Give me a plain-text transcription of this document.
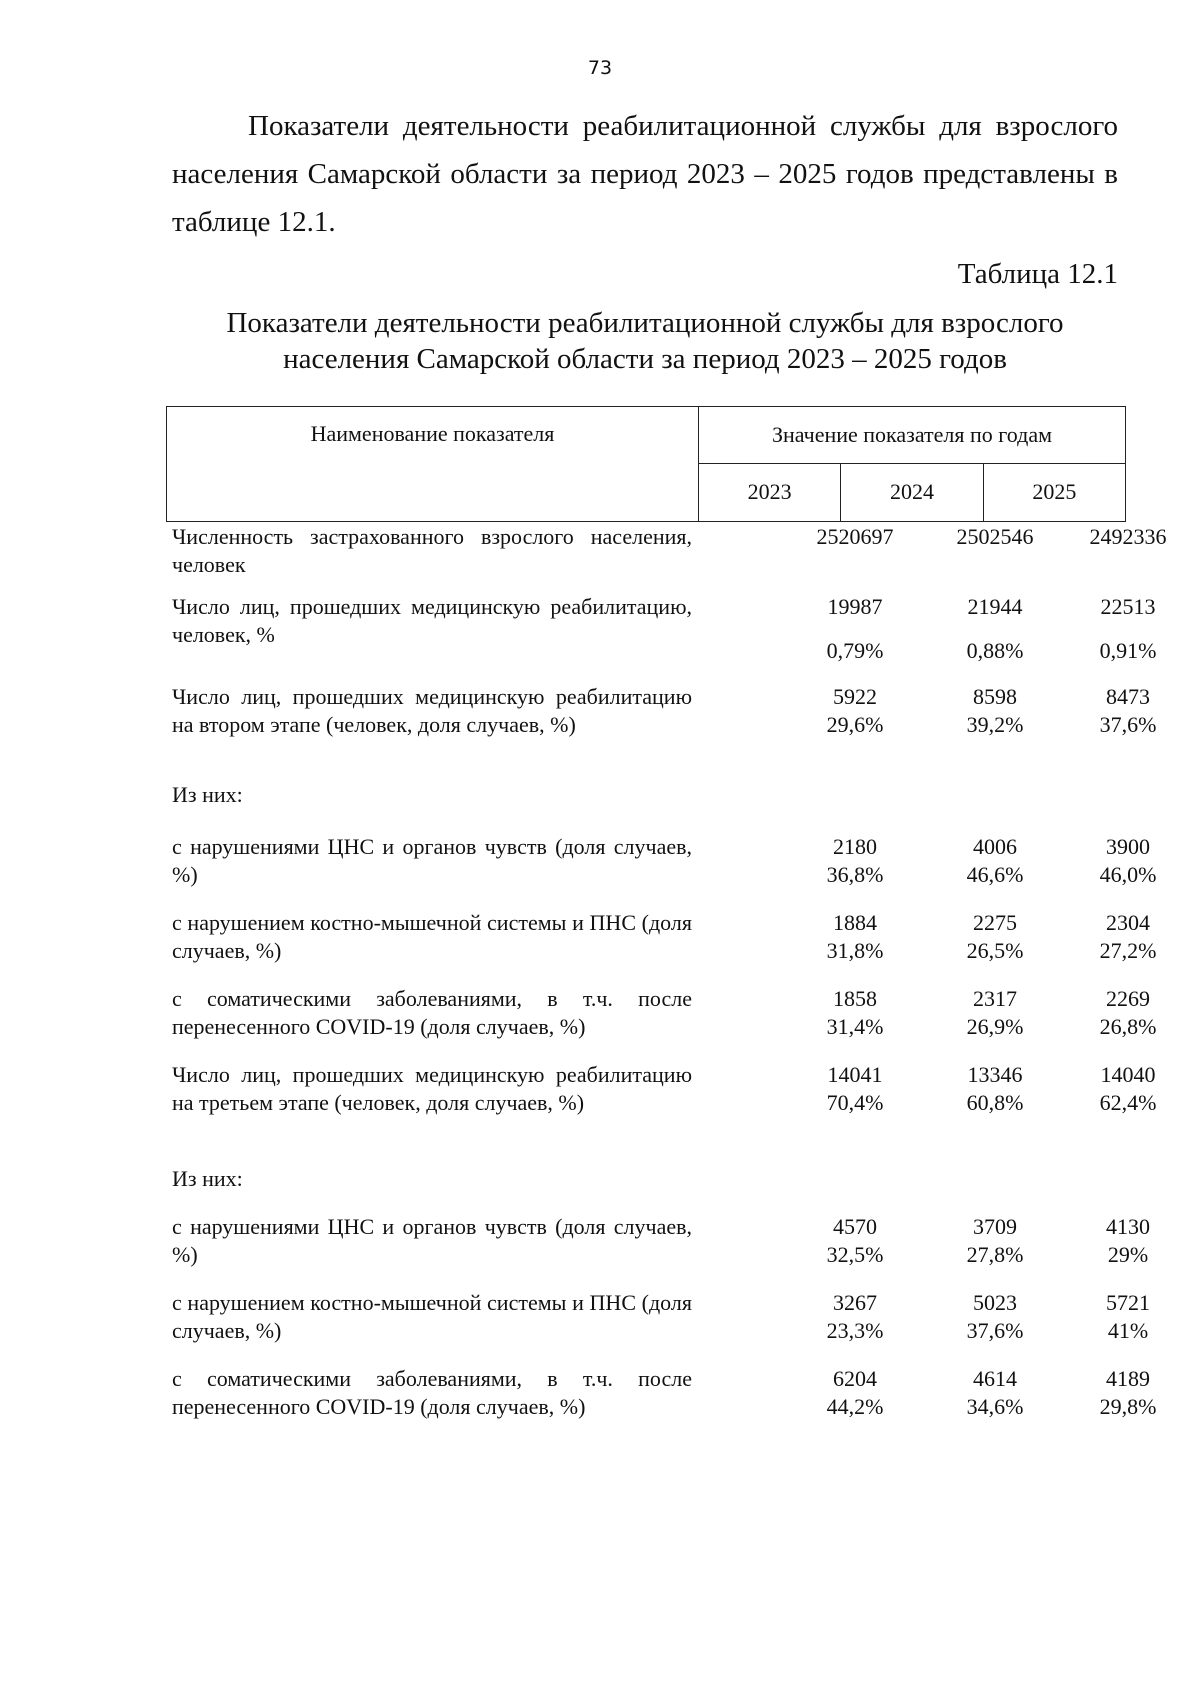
73

Показатели деятельности реабилитационной службы для взрослого населения Самарской области за период 2023 – 2025 годов представлены в таблице 12.1.

Таблица 12.1
Показатели деятельности реабилитационной службы для взрослого
населения Самарской области за период 2023 – 2025 годов
Наименование показателя	Значение показателя по годам		
	2023	2024	2025
Численность застрахованного взрослого населения, человек
2520697	2502546	2492336
Число лиц, прошедших медицинскую реабилитацию, человек, %
19987	21944	22513
0,79%	0,88%	0,91%
Число лиц, прошедших медицинскую реабилитацию на втором этапе (человек, доля случаев, %)
5922	8598	8473
29,6%	39,2%	37,6%
Из них:
с нарушениями ЦНС и органов чувств (доля случаев, %)
2180	4006	3900
36,8%	46,6%	46,0%
с нарушением костно-мышечной системы и ПНС (доля случаев, %)
1884	2275	2304
31,8%	26,5%	27,2%
с соматическими заболеваниями, в т.ч. после перенесенного COVID-19 (доля случаев, %)
1858	2317	2269
31,4%	26,9%	26,8%
Число лиц, прошедших медицинскую реабилитацию на третьем этапе (человек, доля случаев, %)
14041	13346	14040
70,4%	60,8%	62,4%
Из них:
с нарушениями ЦНС и органов чувств (доля случаев, %)
4570	3709	4130
32,5%	27,8%	29%
с нарушением костно-мышечной системы и ПНС (доля случаев, %)
3267	5023	5721
23,3%	37,6%	41%
с соматическими заболеваниями, в т.ч. после перенесенного COVID-19 (доля случаев, %)
6204	4614	4189
44,2%	34,6%	29,8%
